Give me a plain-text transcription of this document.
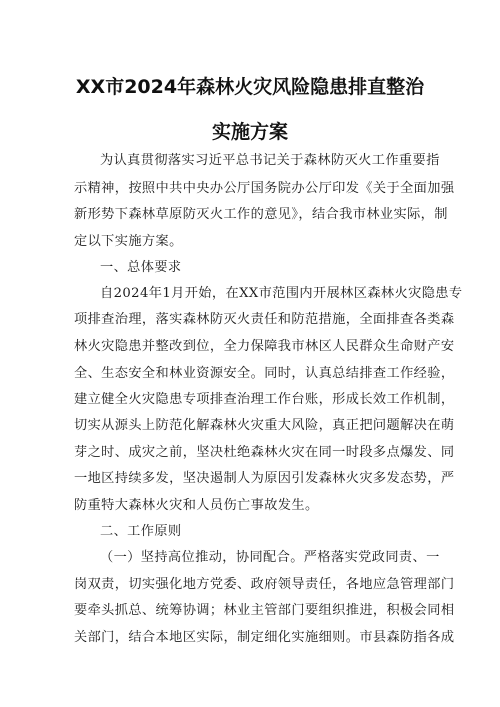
XX市2024年森林火灾风险隐患排直整治
实施方案
为认真贯彻落实习近平总书记关于森林防灭火工作重要指
示精神，按照中共中央办公厅国务院办公厅印发《关于全面加强
新形势下森林草原防灭火工作的意见》，结合我市林业实际，制
定以下实施方案。
一、总体要求
自2024年1月开始，在XX市范围内开展林区森林火灾隐患专
项排查治理，落实森林防灭火责任和防范措施，全面排查各类森
林火灾隐患并整改到位，全力保障我市林区人民群众生命财产安
全、生态安全和林业资源安全。同时，认真总结排查工作经验，
建立健全火灾隐患专项排查治理工作台账，形成长效工作机制，
切实从源头上防范化解森林火灾重大风险，真正把问题解决在萌
芽之时、成灾之前，坚决杜绝森林火灾在同一时段多点爆发、同
一地区持续多发，坚决遏制人为原因引发森林火灾多发态势，严
防重特大森林火灾和人员伤亡事故发生。
二、工作原则
（一）坚持高位推动，协同配合。严格落实党政同责、一
岗双责，切实强化地方党委、政府领导责任，各地应急管理部门
要牵头抓总、统筹协调；林业主管部门要组织推进，积极会同相
关部门，结合本地区实际，制定细化实施细则。市县森防指各成
